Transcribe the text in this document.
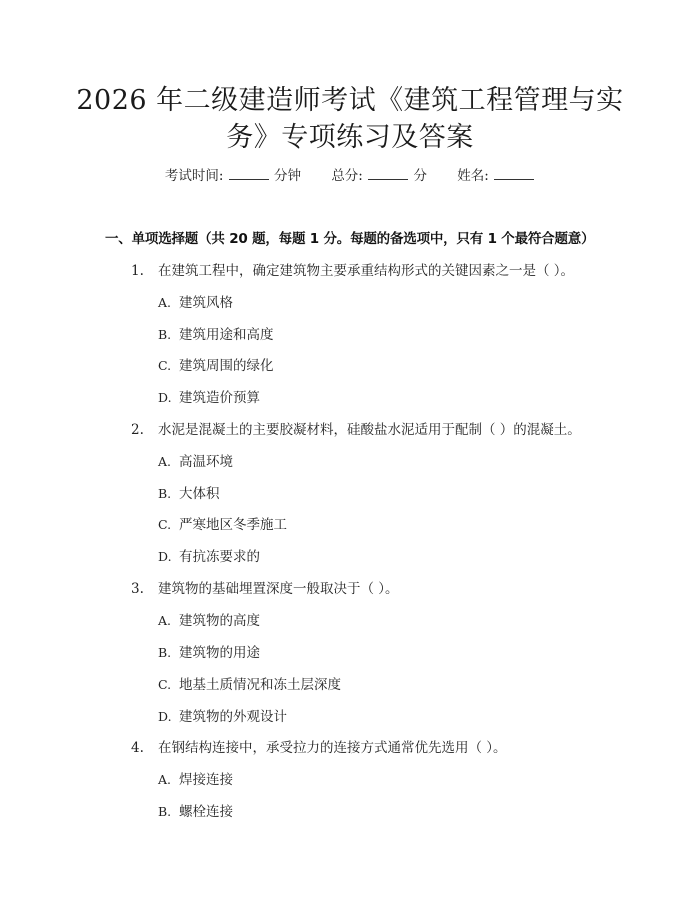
2026 年二级建造师考试《建筑工程管理与实
务》专项练习及答案
考试时间:	分钟 总分:	分 姓名:
一、单项选择题（共 20 题，每题 1 分。每题的备选项中，只有 1 个最符合题意）
1. 在建筑工程中，确定建筑物主要承重结构形式的关键因素之一是（ ）。
A. 建筑风格
B. 建筑用途和高度
C. 建筑周围的绿化
D. 建筑造价预算
2. 水泥是混凝土的主要胶凝材料，硅酸盐水泥适用于配制（ ）的混凝土。
A. 高温环境
B. 大体积
C. 严寒地区冬季施工
D. 有抗冻要求的
3. 建筑物的基础埋置深度一般取决于（ ）。
A. 建筑物的高度
B. 建筑物的用途
C. 地基土质情况和冻土层深度
D. 建筑物的外观设计
4. 在钢结构连接中，承受拉力的连接方式通常优先选用（ ）。
A. 焊接连接
B. 螺栓连接
